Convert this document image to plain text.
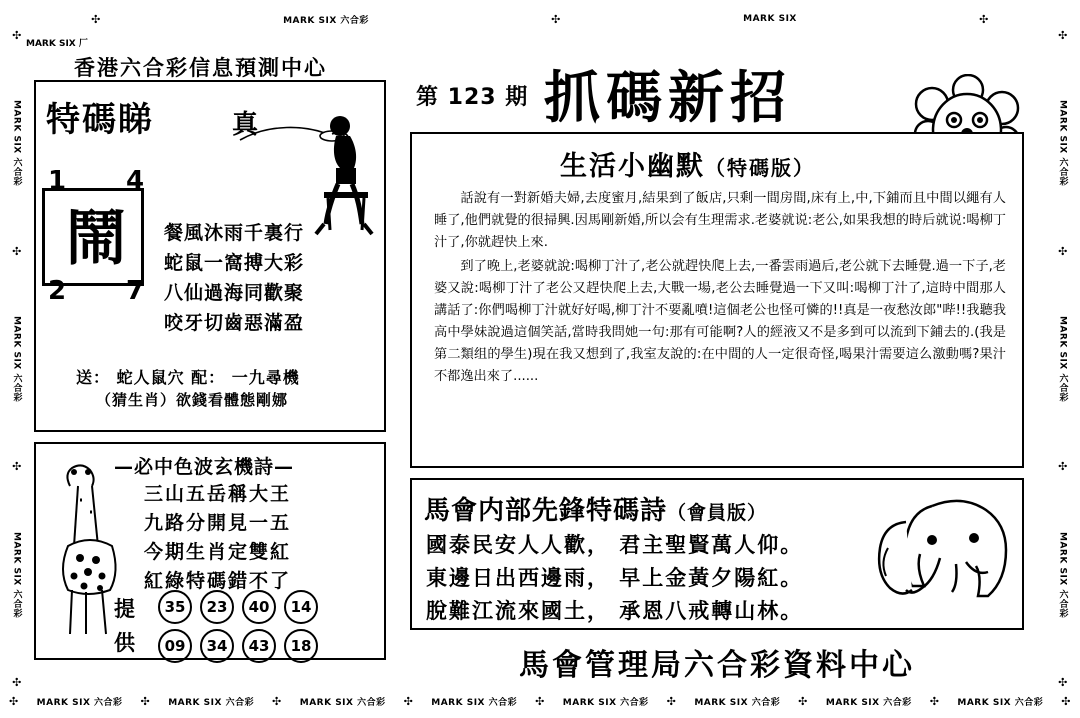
✣	MARK SIX 六合彩	✣	MARK SIX	✣
✣ MARK SIX 六合彩 ✣ MARK SIX 六合彩 ✣ MARK SIX 六合彩 ✣ MARK SIX 六合彩 ✣ MARK SIX 六合彩 ✣ MARK SIX 六合彩 ✣ MARK SIX 六合彩 ✣ MARK SIX 六合彩 ✣
✣
MARK SIX 六合彩
✣
MARK SIX 六合彩
✣
MARK SIX 六合彩
✣
✣
MARK SIX 六合彩
✣
MARK SIX 六合彩
✣
MARK SIX 六合彩
✣
MARK SIX 厂
香港六合彩信息預測中心
特碼睇	真
1 4
2 7
鬧	餐風沐雨千裏行
蛇鼠一窩搏大彩
八仙過海同歡聚
咬牙切齒惡滿盈
送： 蛇人鼠穴 配： 一九尋機
（猜生肖）欲錢看體態剛娜
—必中色波玄機詩—
三山五岳稱大王
九路分開見一五
今期生肖定雙紅
紅綠特碼錯不了
提
供
35	23	40	14
09	34	43	18
第 123 期 抓碼新招
生活小幽默（特碼版）

話說有一對新婚夫婦,去度蜜月,結果到了飯店,只剩一間房間,床有上,中,下鋪而且中間以繩有人睡了,他們就覺的很掃興.因馬剛新婚,所以会有生理需求.老婆就说:老公,如果我想的時后就说:喝柳丁汁了,你就趕快上來.

到了晚上,老婆就說:喝柳丁汁了,老公就趕快爬上去,一番雲雨過后,老公就下去睡覺.過一下子,老婆又說:喝柳丁汁了老公又趕快爬上去,大戰一場,老公去睡覺過一下又叫:喝柳丁汁了,這時中間那人講話了:你們喝柳丁汁就好好喝,柳丁汁不要亂噴!這個老公也怪可憐的!!真是一夜愁汝郎"哔!!我聽我高中學妹說過這個笑話,當時我問她一句:那有可能啊?人的經液又不是多到可以流到下鋪去的.(我是第二類组的學生)現在我又想到了,我室友說的:在中間的人一定很奇怪,喝果汁需要這么激動嗎?果汁不都逸出來了......

馬會内部先鋒特碼詩（會員版）
國泰民安人人歡， 君主聖賢萬人仰。
東邊日出西邊雨， 早上金黃夕陽紅。
脫難江流來國土， 承恩八戒轉山林。
馬會管理局六合彩資料中心
